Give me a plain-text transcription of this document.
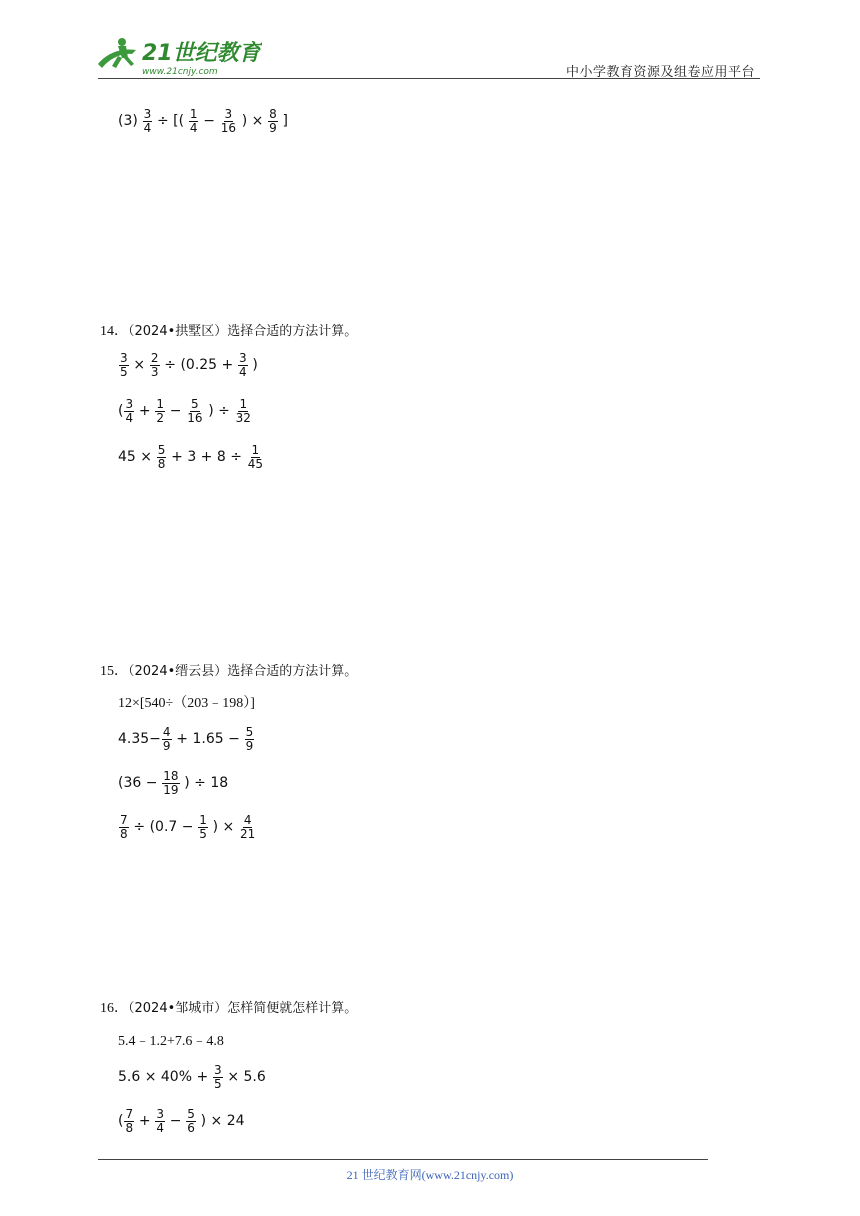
21世纪教育
www.21cnjy.com	中小学教育资源及组卷应用平台
$(3) \frac{3}{4}$ ÷ [( $\frac{1}{4} - \frac{3}{16}$ ) × $\frac{8}{9}$ ]
14．（2024•拱墅区）选择合适的方法计算。
$\frac{3}{5} \times \frac{2}{3} \div (0.25 + \frac{3}{4}$ )
( $\frac{3}{4} + \frac{1}{2} - \frac{5}{16}$ ) ÷ $\frac{1}{32}$
$45 \times \frac{5}{8} + 3 + 8 \div \frac{1}{45}$
15．（2024•缙云县）选择合适的方法计算。
12×[540÷（203﹣198）]
$4.35- \frac{4}{9} + 1.65 - \frac{5}{9}$
($36 - \frac{18}{19}$ ) ÷ 18
$\frac{7}{8} \div (0.7 - \frac{1}{5}$ ) × $\frac{4}{21}$
16．（2024•邹城市）怎样简便就怎样计算。
5.4﹣1.2+7.6﹣4.8
$5.6 \times 40\% + \frac{3}{5} \times 5.6$
( $\frac{7}{8} + \frac{3}{4} - \frac{5}{6}$ ) × 24
21 世纪教育网(www.21cnjy.com)
